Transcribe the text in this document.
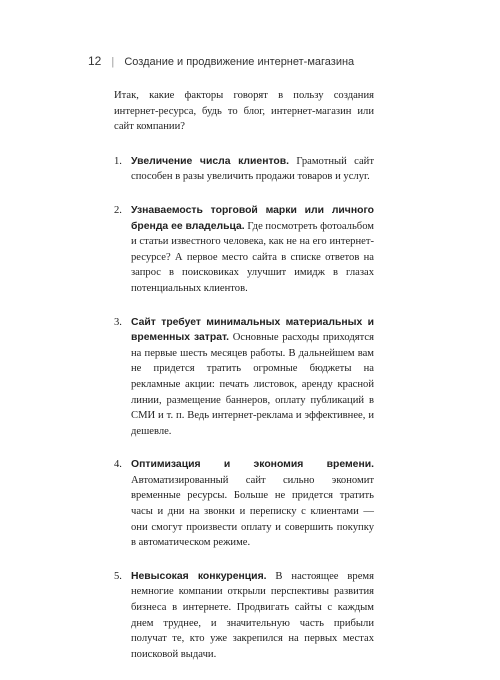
12 | Создание и продвижение интернет-магазина

Итак, какие факторы говорят в пользу создания интернет-ресурса, будь то блог, интернет-магазин или сайт компании?

1. Увеличение числа клиентов. Грамотный сайт способен в разы увеличить продажи товаров и услуг.
2. Узнаваемость торговой марки или личного бренда ее владельца. Где посмотреть фотоальбом и статьи известного человека, как не на его интернет-ресурсе? А первое место сайта в списке ответов на запрос в поисковиках улучшит имидж в глазах потенциальных клиентов.
3. Сайт требует минимальных материальных и временных затрат. Основные расходы приходятся на первые шесть месяцев работы. В дальнейшем вам не придется тратить огромные бюджеты на рекламные акции: печать листовок, аренду красной линии, размещение баннеров, оплату публикаций в СМИ и т. п. Ведь интернет-реклама и эффективнее, и дешевле.
4. Оптимизация и экономия времени. Автоматизированный сайт сильно экономит временные ресурсы. Больше не придется тратить часы и дни на звонки и переписку с клиентами — они смогут произвести оплату и совершить покупку в автоматическом режиме.
5. Невысокая конкуренция. В настоящее время немногие компании открыли перспективы развития бизнеса в интернете. Продвигать сайты с каждым днем труднее, и значительную часть прибыли получат те, кто уже закрепился на первых местах поисковой выдачи.
